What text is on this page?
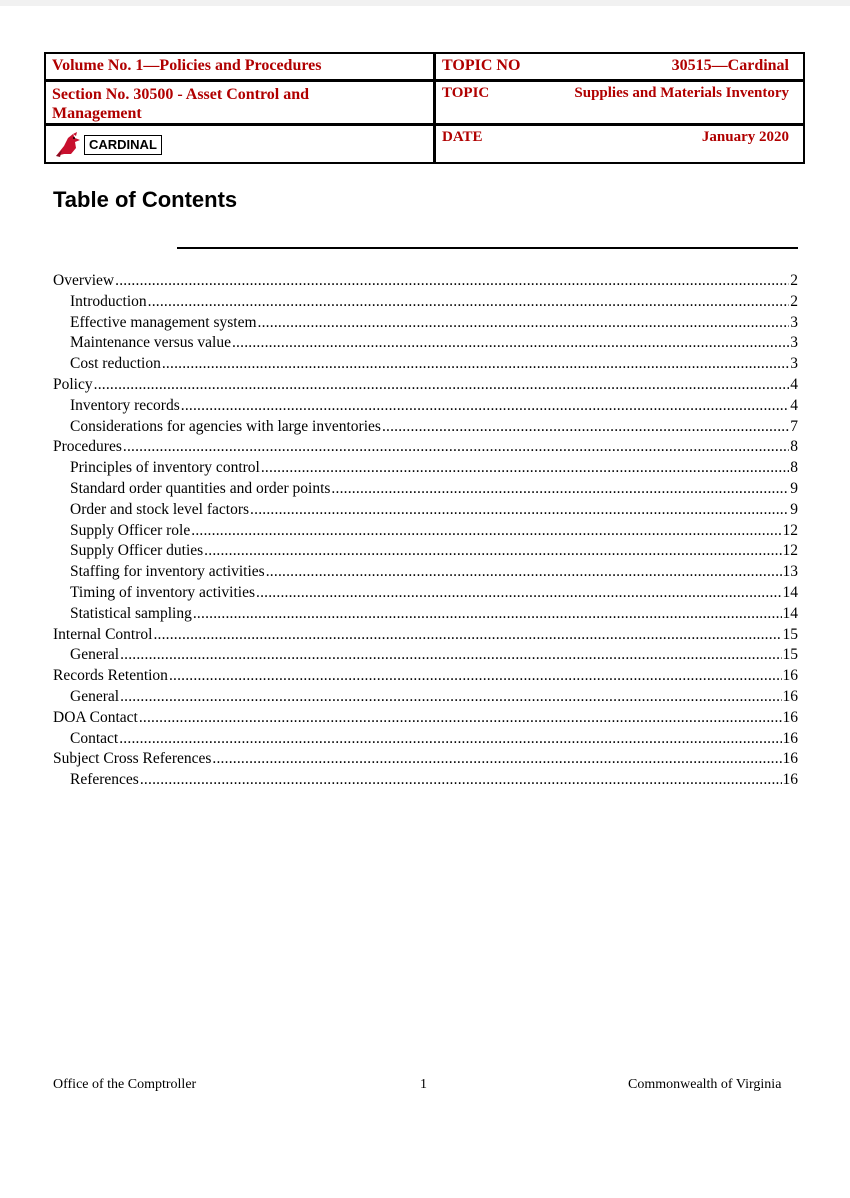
Volume No. 1—Policies and Procedures	TOPIC NO	30515—Cardinal
Section No. 30500 - Asset Control and Management
TOPIC	Supplies and Materials Inventory
DATE	January 2020
CARDINAL
Table of Contents
Overview .....	2
Introduction .....	2
Effective management system .....	3
Maintenance versus value .....	3
Cost reduction .....	3
Policy .....	4
Inventory records .....	4
Considerations for agencies with large inventories .....	7
Procedures .....	8
Principles of inventory control .....	8
Standard order quantities and order points .....	9
Order and stock level factors .....	9
Supply Officer role .....	12
Supply Officer duties .....	12
Staffing for inventory activities .....	13
Timing of inventory activities .....	14
Statistical sampling .....	14
Internal Control .....	15
General .....	15
Records Retention .....	16
General .....	16
DOA Contact .....	16
Contact .....	16
Subject Cross References .....	16
References .....	16
Office of the Comptroller	1	Commonwealth of Virginia
